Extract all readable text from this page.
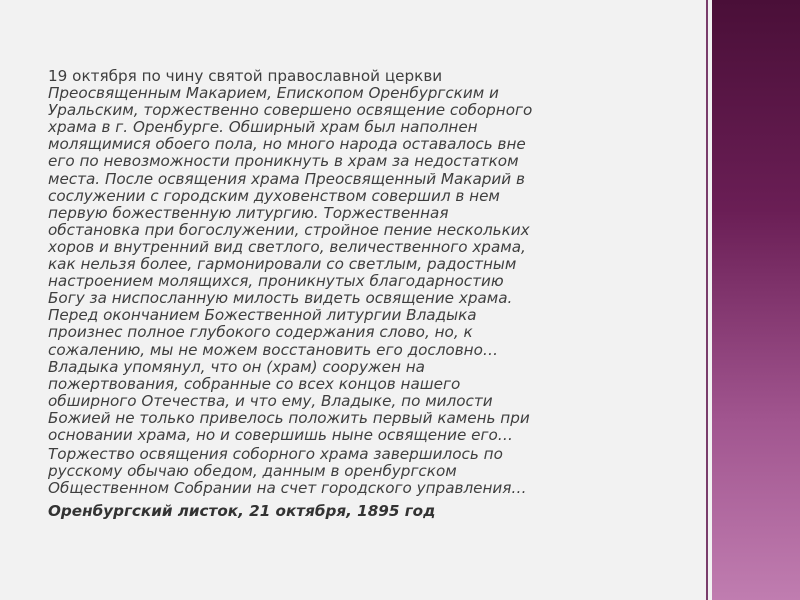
19 октября по чину святой православной церкви
Преосвященным Макарием, Епископом Оренбургским и
Уральским, торжественно совершено освящение соборного
храма в г. Оренбурге. Обширный храм был наполнен
молящимися обоего пола, но много народа оставалось вне
его по невозможности проникнуть в храм за недостатком
места. После освящения храма Преосвященный Макарий в
сослужении с городским духовенством совершил в нем
первую божественную литургию. Торжественная
обстановка при богослужении, стройное пение нескольких
хоров и внутренний вид светлого, величественного храма,
как нельзя более, гармонировали со светлым, радостным
настроением молящихся, проникнутых благодарностию
Богу за ниспосланную милость видеть освящение храма.
Перед окончанием Божественной литургии Владыка
произнес полное глубокого содержания слово, но, к
сожалению, мы не можем восстановить его дословно…
Владыка упомянул, что он (храм) сооружен на
пожертвования, собранные со всех концов нашего
обширного Отечества, и что ему, Владыке, по милости
Божией не только привелось положить первый камень при
основании храма, но и совершишь ныне освящение его…

Торжество освящения соборного храма завершилось по
русскому обычаю обедом, данным в оренбургском
Общественном Собрании на счет городского управления…

Оренбургский листок, 21 октября, 1895 год
